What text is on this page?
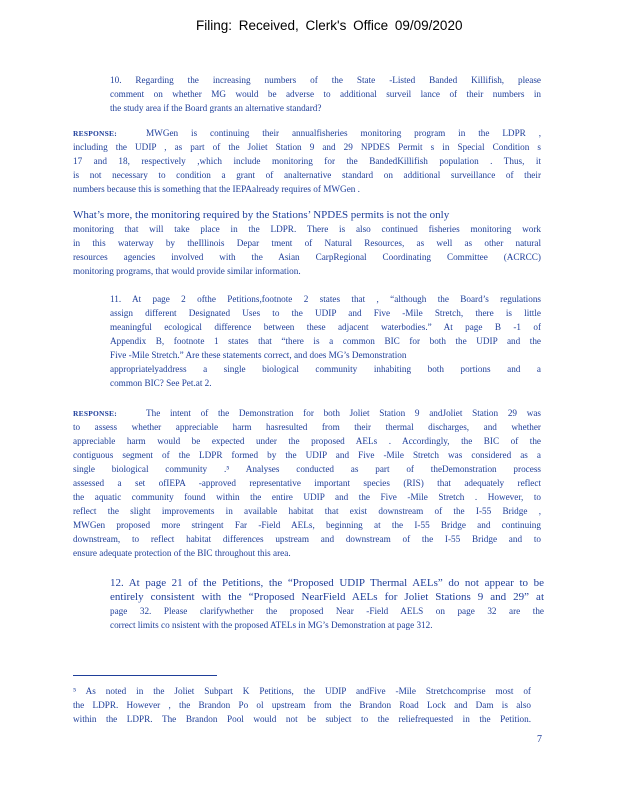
Filing: Received, Clerk's Office 09/09/2020
10. Regarding the increasing numbers of the State -Listed Banded Killifish, please
comment on whether MG would be adverse to additional surveil lance of their numbers in
the study area if the Board grants an alternative standard?
RESPONSE:	MWGen is continuing their annualfisheries monitoring program in the LDPR ,
including the UDIP , as part of the Joliet Station 9 and 29 NPDES Permit s in Special Condition s
17 and 18, respectively ,which include monitoring for the BandedKillifish population . Thus, it
is not necessary to condition a grant of analternative standard on additional surveillance of their
numbers because this is something that the IEPAalready requires of MWGen .
What’s more, the monitoring required by the Stations’ NPDES permits is not the only
monitoring that will take place in the LDPR. There is also continued fisheries monitoring work
in this waterway by theIllinois Depar tment of Natural Resources, as well as other natural
resources agencies involved with the Asian CarpRegional Coordinating Committee (ACRCC)
monitoring programs, that would provide similar information.
11. At page 2 ofthe Petitions,footnote 2 states that , “although the Board’s regulations
assign different Designated Uses to the UDIP and Five -Mile Stretch, there is little
meaningful ecological difference between these adjacent waterbodies.” At page B -1 of
Appendix B, footnote 1 states that “there is a common BIC for both the UDIP and the
Five -Mile Stretch.” Are these statements correct, and does MG’s Demonstration
appropriatelyaddress a single biological community inhabiting both portions and a
common BIC? See Pet.at 2.
RESPONSE:	The intent of the Demonstration for both Joliet Station 9 andJoliet Station 29 was
to assess whether appreciable harm hasresulted from their thermal discharges, and whether
appreciable harm would be expected under the proposed AELs . Accordingly, the BIC of the
contiguous segment of the LDPR formed by the UDIP and Five -Mile Stretch was considered as a
single biological community .⁵ Analyses conducted as part of theDemonstration process
assessed a set ofIEPA -approved representative important species (RIS) that adequately reflect
the aquatic community found within the entire UDIP and the Five -Mile Stretch . However, to
reflect the slight improvements in available habitat that exist downstream of the I-55 Bridge ,
MWGen proposed more stringent Far -Field AELs, beginning at the I-55 Bridge and continuing
downstream, to reflect habitat differences upstream and downstream of the I-55 Bridge and to
ensure adequate protection of the BIC throughout this area.
12. At page 21 of the Petitions, the “Proposed UDIP Thermal AELs” do not appear to be
entirely consistent with the “Proposed NearField AELs for Joliet Stations 9 and 29” at
page 32. Please clarifywhether the proposed Near -Field AELS on page 32 are the
correct limits co nsistent with the proposed ATELs in MG’s Demonstration at page 312.
⁵ As noted in the Joliet Subpart K Petitions, the UDIP andFive -Mile Stretchcomprise most of
the LDPR. However , the Brandon Po ol upstream from the Brandon Road Lock and Dam is also
within the LDPR. The Brandon Pool would not be subject to the reliefrequested in the Petition.
7
